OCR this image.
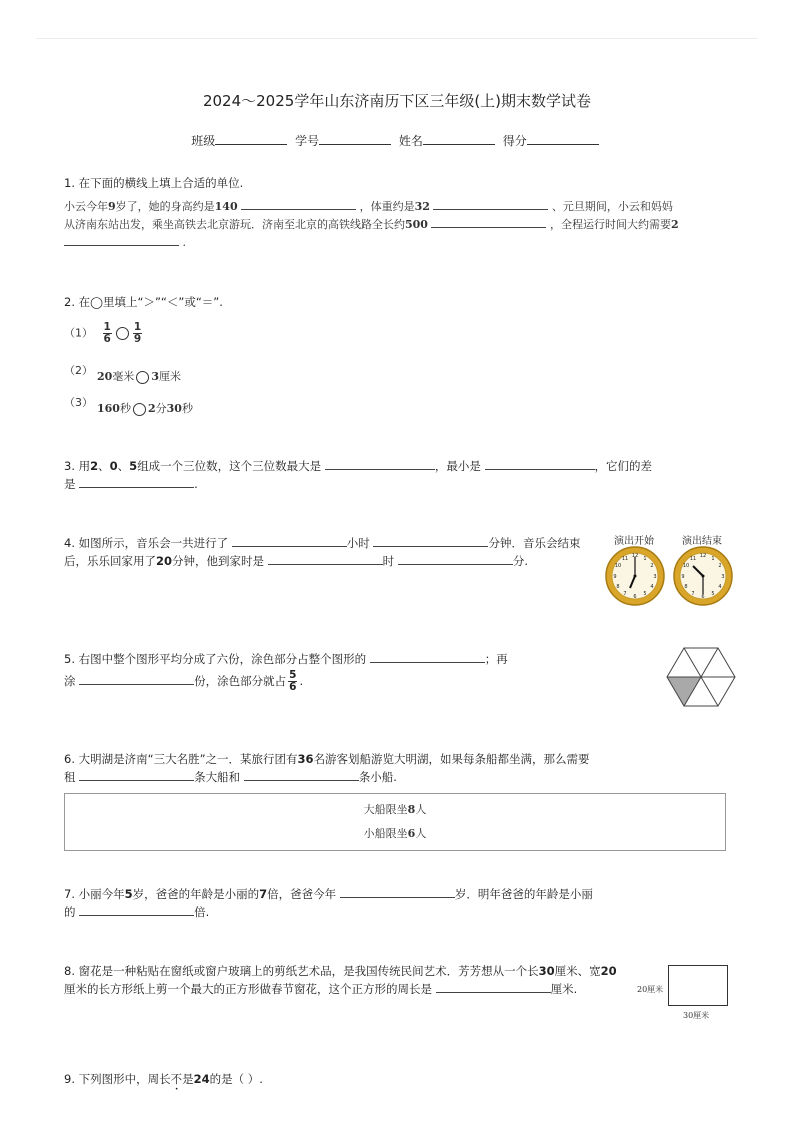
2024～2025学年山东济南历下区三年级(上)期末数学试卷
班级	学号	姓名	得分
1. 在下面的横线上填上合适的单位.
小云今年9岁了，她的身高约是140	，体重约是32	、元旦期间，小云和妈妈
从济南东站出发，乘坐高铁去北京游玩．济南至北京的高铁线路全长约500	，全程运行时间大约需要2
.
2. 在◯里填上“＞”“＜”或“＝”.
$(1) \frac{1}{6} \frac{1}{9}$
（2） 20毫米 3厘米
（3） 160秒 2分30秒
3. 用2、0、5组成一个三位数，这个三位数最大是	，最小是	，它们的差
是	.
4. 如图所示，音乐会一共进行了	小时	分钟．音乐会结束
后，乐乐回家用了20分钟，他到家时是	时	分.
演出开始	演出结束
12 1
2
3
4
5
6
7
8
9
10
11	12 1
2
3
4
5
6
7
8
9
10
11
5. 右图中整个图形平均分成了六份，涂色部分占整个图形的	；再
涂	份，涂色部分就占 $\frac{5}{6}$ .
6. 大明湖是济南“三大名胜”之一．某旅行团有36名游客划船游览大明湖，如果每条船都坐满，那么需要
租	条大船和	条小船.
大船限坐8人
小船限坐6人
7. 小丽今年5岁，爸爸的年龄是小丽的7倍，爸爸今年	岁．明年爸爸的年龄是小丽
的	倍.
8. 窗花是一种粘贴在窗纸或窗户玻璃上的剪纸艺术品，是我国传统民间艺术．芳芳想从一个长30厘米、宽20
厘米的长方形纸上剪一个最大的正方形做春节窗花，这个正方形的周长是	厘米.	20厘米
30厘米
9. 下列图形中，周长不是24的是（ ）.
